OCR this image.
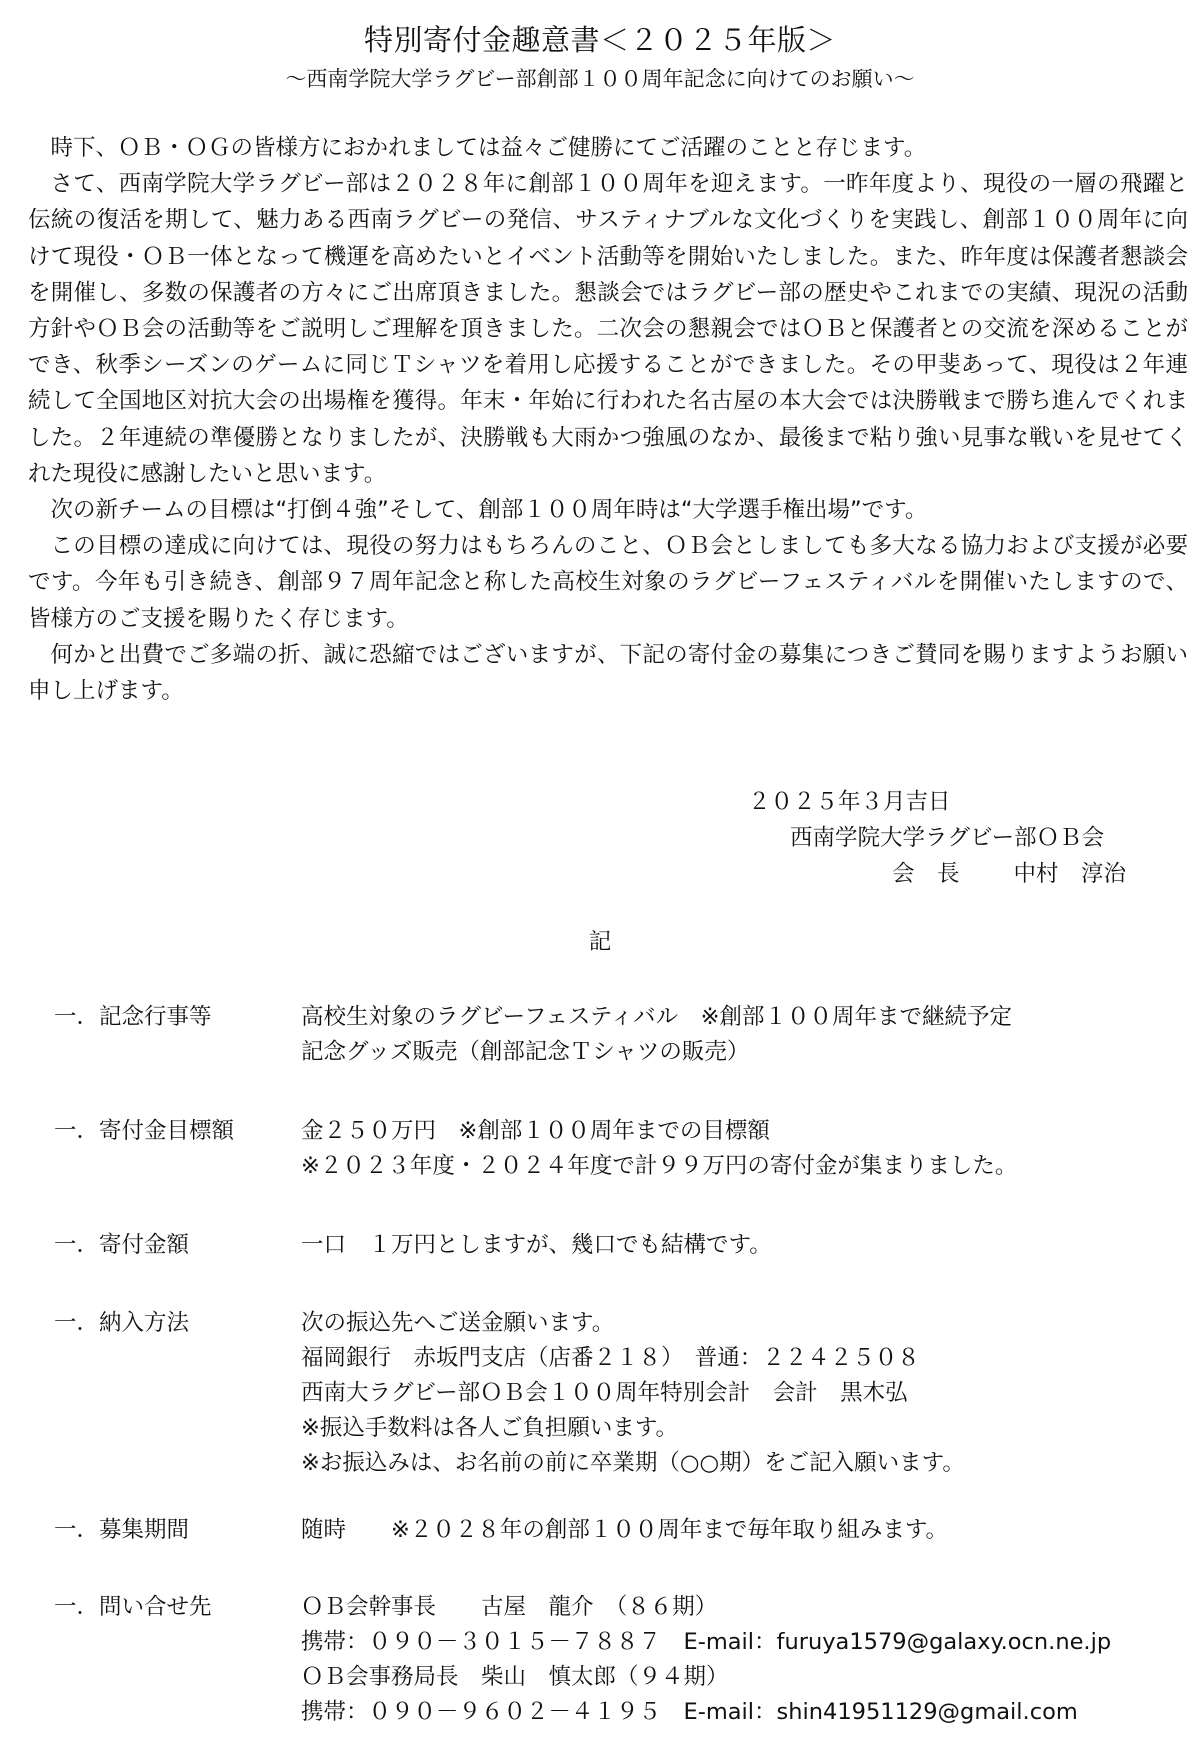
特別寄付金趣意書＜２０２５年版＞
～西南学院大学ラグビー部創部１００周年記念に向けてのお願い～

時下、ＯＢ・ＯＧの皆様方におかれましては益々ご健勝にてご活躍のことと存じます。

さて、西南学院大学ラグビー部は２０２８年に創部１００周年を迎えます。一昨年度より、現役の一層の飛躍と伝統の復活を期して、魅力ある西南ラグビーの発信、サスティナブルな文化づくりを実践し、創部１００周年に向けて現役・ＯＢ一体となって機運を高めたいとイベント活動等を開始いたしました。また、昨年度は保護者懇談会を開催し、多数の保護者の方々にご出席頂きました。懇談会ではラグビー部の歴史やこれまでの実績、現況の活動方針やＯＢ会の活動等をご説明しご理解を頂きました。二次会の懇親会ではＯＢと保護者との交流を深めることができ、秋季シーズンのゲームに同じＴシャツを着用し応援することができました。その甲斐あって、現役は２年連続して全国地区対抗大会の出場権を獲得。年末・年始に行われた名古屋の本大会では決勝戦まで勝ち進んでくれました。２年連続の準優勝となりましたが、決勝戦も大雨かつ強風のなか、最後まで粘り強い見事な戦いを見せてくれた現役に感謝したいと思います。

次の新チームの目標は“打倒４強”そして、創部１００周年時は“大学選手権出場”です。

この目標の達成に向けては、現役の努力はもちろんのこと、ＯＢ会としましても多大なる協力および支援が必要です。今年も引き続き、創部９７周年記念と称した高校生対象のラグビーフェスティバルを開催いたしますので、皆様方のご支援を賜りたく存じます。

何かと出費でご多端の折、誠に恐縮ではございますが、下記の寄付金の募集につきご賛同を賜りますようお願い申し上げます。

２０２５年３月吉日
西南学院大学ラグビー部ＯＢ会
会　長 中村　淳治
記
一．記念行事等	高校生対象のラグビーフェスティバル　※創部１００周年まで継続予定
記念グッズ販売（創部記念Ｔシャツの販売）
一．寄付金目標額	金２５０万円　※創部１００周年までの目標額
※２０２３年度・２０２４年度で計９９万円の寄付金が集まりました。
一．寄付金額	一口　１万円としますが、幾口でも結構です。
一．納入方法	次の振込先へご送金願います。
福岡銀行　赤坂門支店（店番２１８）　普通：２２４２５０８
西南大ラグビー部ＯＢ会１００周年特別会計　会計　黒木弘
※振込手数料は各人ご負担願います。
※お振込みは、お名前の前に卒業期（○○期）をご記入願います。
一．募集期間	随時　　※２０２８年の創部１００周年まで毎年取り組みます。
一．問い合せ先	ＯＢ会幹事長　　古屋　龍介　（８６期）
携帯：０９０－３０１５－７８８７　E-mail：furuya1579@galaxy.ocn.ne.jp
ＯＢ会事務局長　柴山　慎太郎（９４期）
携帯：０９０－９６０２－４１９５　E-mail：shin41951129@gmail.com
